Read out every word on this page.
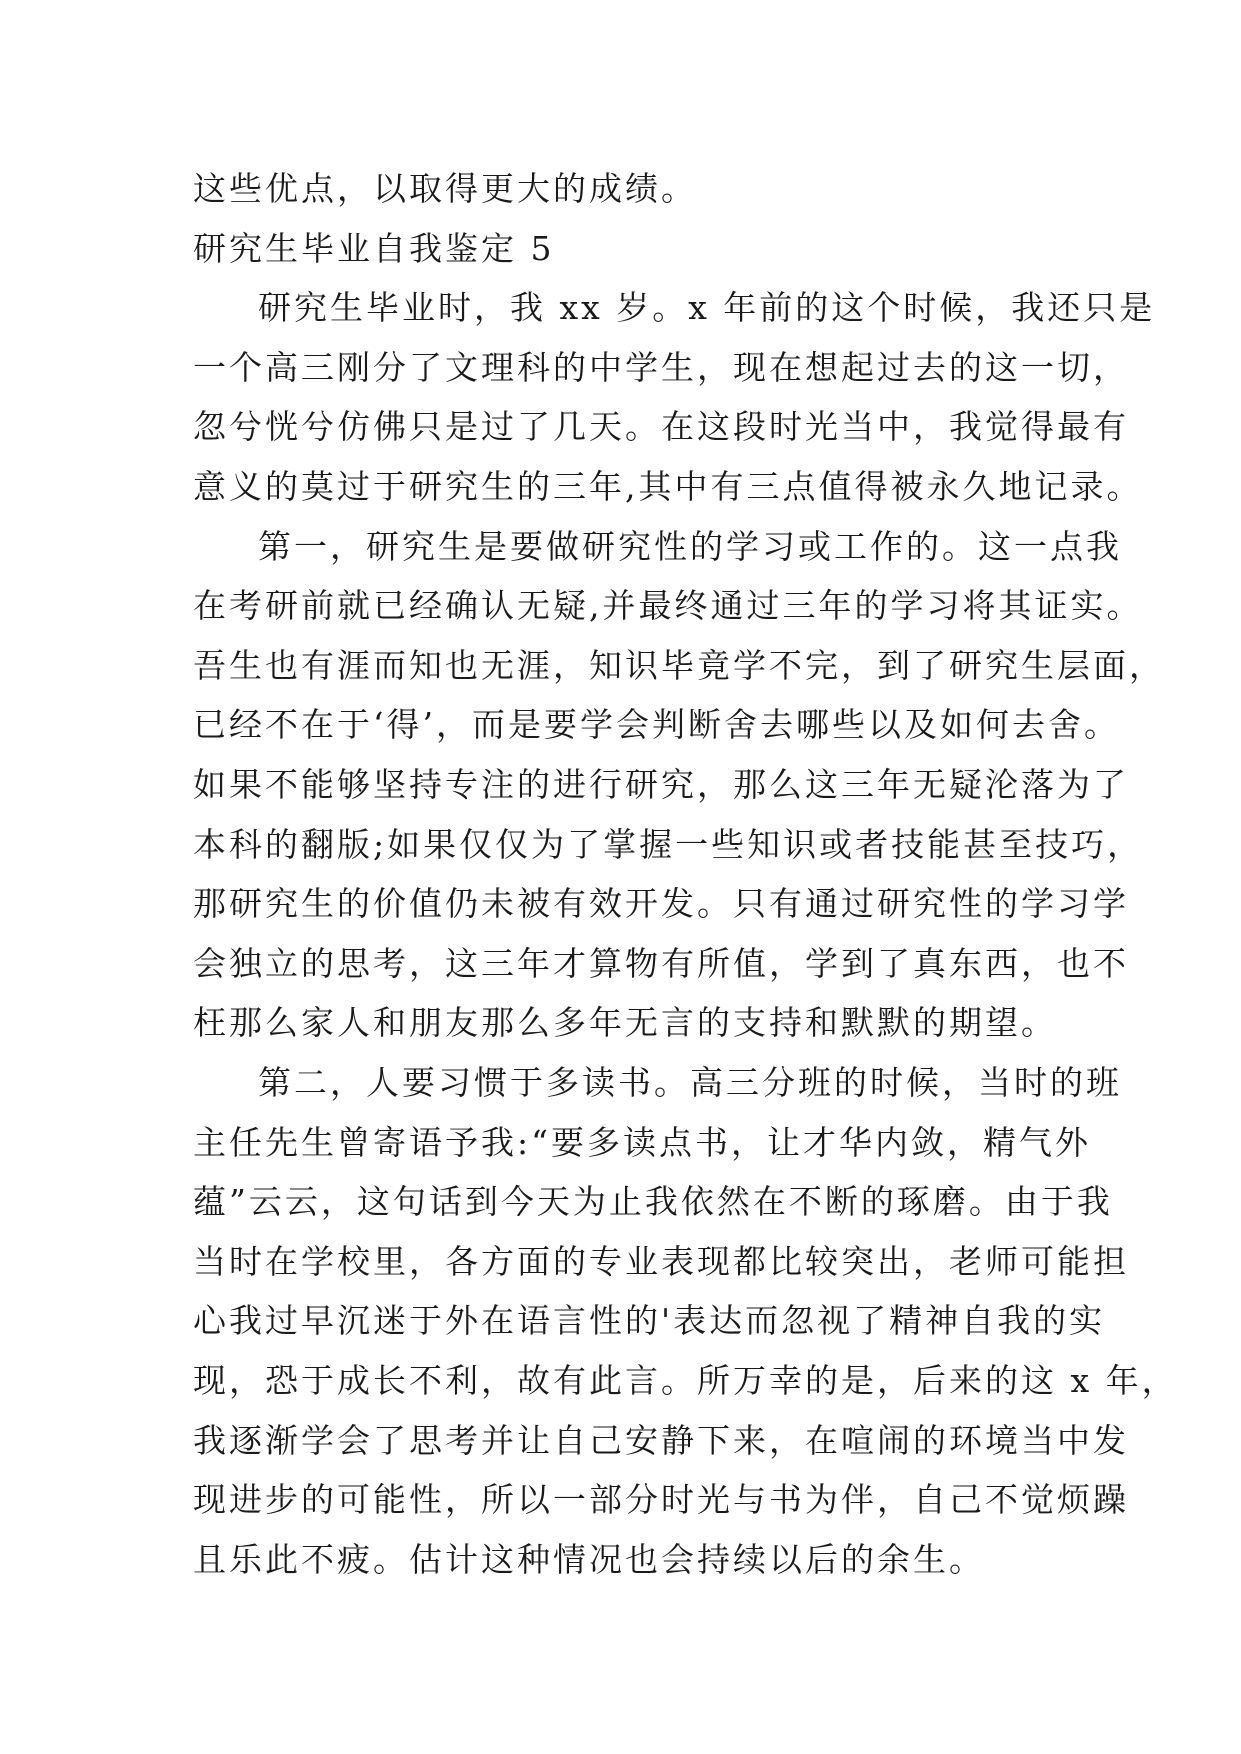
这些优点，以取得更大的成绩。
研究生毕业自我鉴定 5
研究生毕业时，我 xx 岁。x 年前的这个时候，我还只是
一个高三刚分了文理科的中学生，现在想起过去的这一切，
忽兮恍兮仿佛只是过了几天。在这段时光当中，我觉得最有
意义的莫过于研究生的三年,其中有三点值得被永久地记录。
第一，研究生是要做研究性的学习或工作的。这一点我
在考研前就已经确认无疑,并最终通过三年的学习将其证实。
吾生也有涯而知也无涯，知识毕竟学不完，到了研究生层面，
已经不在于‘得’，而是要学会判断舍去哪些以及如何去舍。
如果不能够坚持专注的进行研究，那么这三年无疑沦落为了
本科的翻版;如果仅仅为了掌握一些知识或者技能甚至技巧，
那研究生的价值仍未被有效开发。只有通过研究性的学习学
会独立的思考，这三年才算物有所值，学到了真东西，也不
枉那么家人和朋友那么多年无言的支持和默默的期望。
第二，人要习惯于多读书。高三分班的时候，当时的班
主任先生曾寄语予我:“要多读点书，让才华内敛，精气外
蕴”云云，这句话到今天为止我依然在不断的琢磨。由于我
当时在学校里，各方面的专业表现都比较突出，老师可能担
心我过早沉迷于外在语言性的'表达而忽视了精神自我的实
现，恐于成长不利，故有此言。所万幸的是，后来的这 x 年，
我逐渐学会了思考并让自己安静下来，在喧闹的环境当中发
现进步的可能性，所以一部分时光与书为伴，自己不觉烦躁
且乐此不疲。估计这种情况也会持续以后的余生。
